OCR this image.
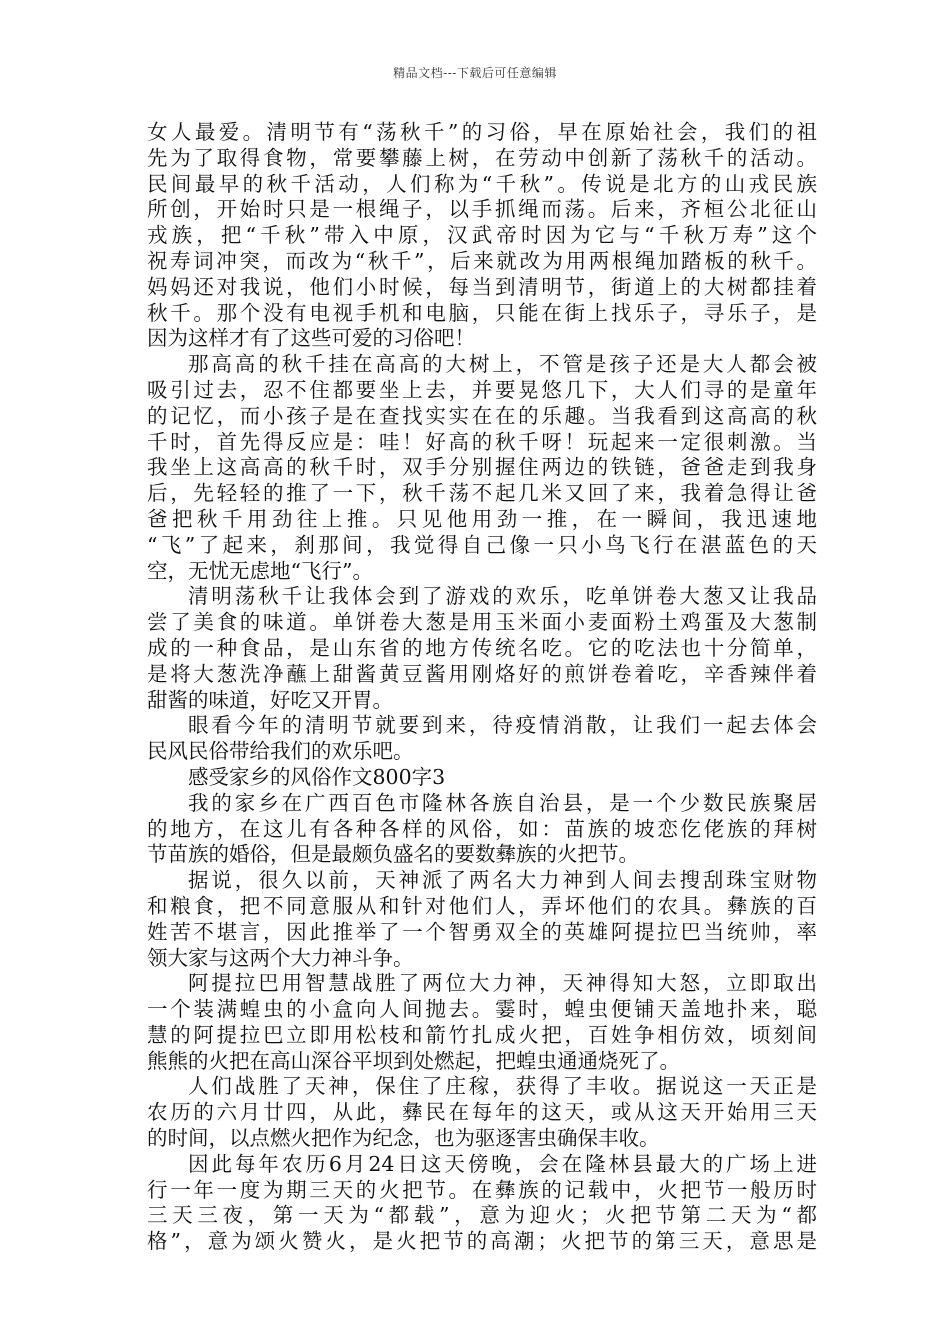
精品文档---下载后可任意编辑
女人最爱。清明节有“荡秋千”的习俗，早在原始社会，我们的祖
先为了取得食物，常要攀藤上树，在劳动中创新了荡秋千的活动。
民间最早的秋千活动，人们称为“千秋”。传说是北方的山戎民族
所创，开始时只是一根绳子，以手抓绳而荡。后来，齐桓公北征山
戎族，把“千秋”带入中原，汉武帝时因为它与“千秋万寿”这个
祝寿词冲突，而改为“秋千”，后来就改为用两根绳加踏板的秋千。
妈妈还对我说，他们小时候，每当到清明节，街道上的大树都挂着
秋千。那个没有电视手机和电脑，只能在街上找乐子，寻乐子，是
因为这样才有了这些可爱的习俗吧！
那高高的秋千挂在高高的大树上，不管是孩子还是大人都会被
吸引过去，忍不住都要坐上去，并要晃悠几下，大人们寻的是童年
的记忆，而小孩子是在查找实实在在的乐趣。当我看到这高高的秋
千时，首先得反应是：哇！好高的秋千呀！玩起来一定很刺激。当
我坐上这高高的秋千时，双手分别握住两边的铁链，爸爸走到我身
后，先轻轻的推了一下，秋千荡不起几米又回了来，我着急得让爸
爸把秋千用劲往上推。只见他用劲一推，在一瞬间，我迅速地
“飞”了起来，刹那间，我觉得自己像一只小鸟飞行在湛蓝色的天
空，无忧无虑地“飞行”。
清明荡秋千让我体会到了游戏的欢乐，吃单饼卷大葱又让我品
尝了美食的味道。单饼卷大葱是用玉米面小麦面粉土鸡蛋及大葱制
成的一种食品，是山东省的地方传统名吃。它的吃法也十分简单，
是将大葱洗净蘸上甜酱黄豆酱用刚烙好的煎饼卷着吃，辛香辣伴着
甜酱的味道，好吃又开胃。
眼看今年的清明节就要到来，待疫情消散，让我们一起去体会
民风民俗带给我们的欢乐吧。
感受家乡的风俗作文800字3
我的家乡在广西百色市隆林各族自治县，是一个少数民族聚居
的地方，在这儿有各种各样的风俗，如：苗族的坡恋仡佬族的拜树
节苗族的婚俗，但是最颇负盛名的要数彝族的火把节。
据说，很久以前，天神派了两名大力神到人间去搜刮珠宝财物
和粮食，把不同意服从和针对他们人，弄坏他们的农具。彝族的百
姓苦不堪言，因此推举了一个智勇双全的英雄阿提拉巴当统帅，率
领大家与这两个大力神斗争。
阿提拉巴用智慧战胜了两位大力神，天神得知大怒，立即取出
一个装满蝗虫的小盒向人间抛去。霎时，蝗虫便铺天盖地扑来，聪
慧的阿提拉巴立即用松枝和箭竹扎成火把，百姓争相仿效，顷刻间
熊熊的火把在高山深谷平坝到处燃起，把蝗虫通通烧死了。
人们战胜了天神，保住了庄稼，获得了丰收。据说这一天正是
农历的六月廿四，从此，彝民在每年的这天，或从这天开始用三天
的时间，以点燃火把作为纪念，也为驱逐害虫确保丰收。
因此每年农历6月24日这天傍晚，会在隆林县最大的广场上进
行一年一度为期三天的火把节。在彝族的记载中，火把节一般历时
三天三夜，第一天为“都载”，意为迎火；火把节第二天为“都
格”，意为颂火赞火，是火把节的高潮；火把节的第三天，意思是
